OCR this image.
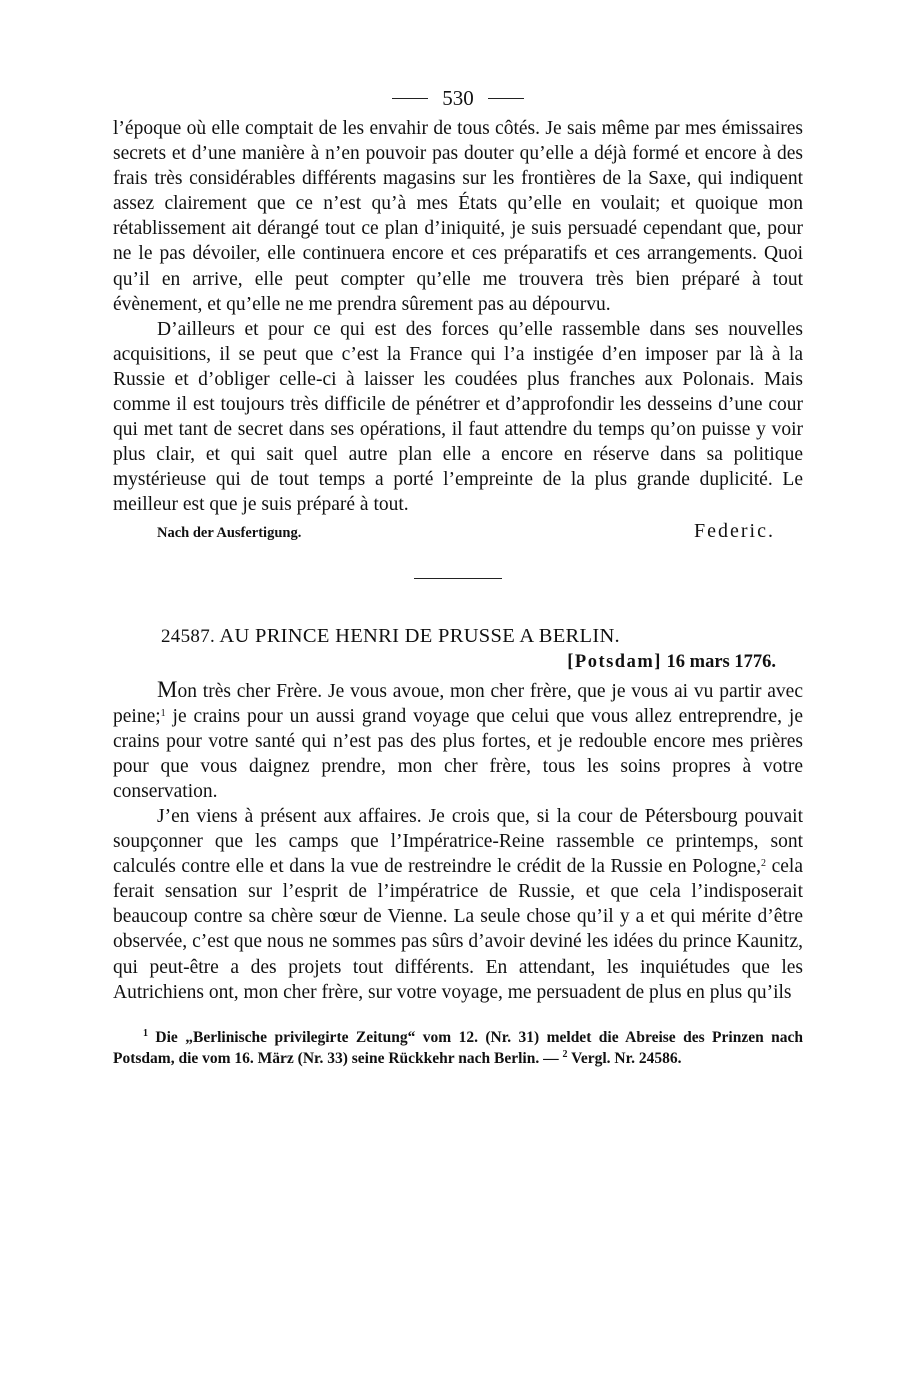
530

l’époque où elle comptait de les envahir de tous côtés. Je sais même par mes émissaires secrets et d’une manière à n’en pouvoir pas douter qu’elle a déjà formé et encore à des frais très considérables différents magasins sur les frontières de la Saxe, qui indiquent assez clairement que ce n’est qu’à mes États qu’elle en voulait; et quoique mon rétablissement ait dérangé tout ce plan d’iniquité, je suis persuadé cependant que, pour ne le pas dévoiler, elle continuera encore et ces préparatifs et ces arrangements. Quoi qu’il en arrive, elle peut compter qu’elle me trouvera très bien préparé à tout évènement, et qu’elle ne me prendra sûrement pas au dépourvu.

D’ailleurs et pour ce qui est des forces qu’elle rassemble dans ses nouvelles acquisitions, il se peut que c’est la France qui l’a instigée d’en imposer par là à la Russie et d’obliger celle-ci à laisser les coudées plus franches aux Polonais. Mais comme il est toujours très difficile de pénétrer et d’approfondir les desseins d’une cour qui met tant de secret dans ses opérations, il faut attendre du temps qu’on puisse y voir plus clair, et qui sait quel autre plan elle a encore en réserve dans sa politique mystérieuse qui de tout temps a porté l’empreinte de la plus grande duplicité. Le meilleur est que je suis préparé à tout.

Nach der Ausfertigung.	Federic.
24587. AU PRINCE HENRI DE PRUSSE A BERLIN.
[Potsdam] 16 mars 1776.

Mon très cher Frère. Je vous avoue, mon cher frère, que je vous ai vu partir avec peine;$^1$ je crains pour un aussi grand voyage que celui que vous allez entreprendre, je crains pour votre santé qui n’est pas des plus fortes, et je redouble encore mes prières pour que vous daignez prendre, mon cher frère, tous les soins propres à votre conservation.

J’en viens à présent aux affaires. Je crois que, si la cour de Pétersbourg pouvait soupçonner que les camps que l’Impératrice-Reine rassemble ce printemps, sont calculés contre elle et dans la vue de restreindre le crédit de la Russie en Pologne,$^2$ cela ferait sensation sur l’esprit de l’impératrice de Russie, et que cela l’indisposerait beaucoup contre sa chère sœur de Vienne. La seule chose qu’il y a et qui mérite d’être observée, c’est que nous ne sommes pas sûrs d’avoir deviné les idées du prince Kaunitz, qui peut-être a des projets tout différents. En attendant, les inquiétudes que les Autrichiens ont, mon cher frère, sur votre voyage, me persuadent de plus en plus qu’ils

$^1$ Die „Berlinische privilegirte Zeitung“ vom 12. (Nr. 31) meldet die Abreise des Prinzen nach Potsdam, die vom 16. März (Nr. 33) seine Rückkehr nach Berlin. — $^2$ Vergl. Nr. 24586.
